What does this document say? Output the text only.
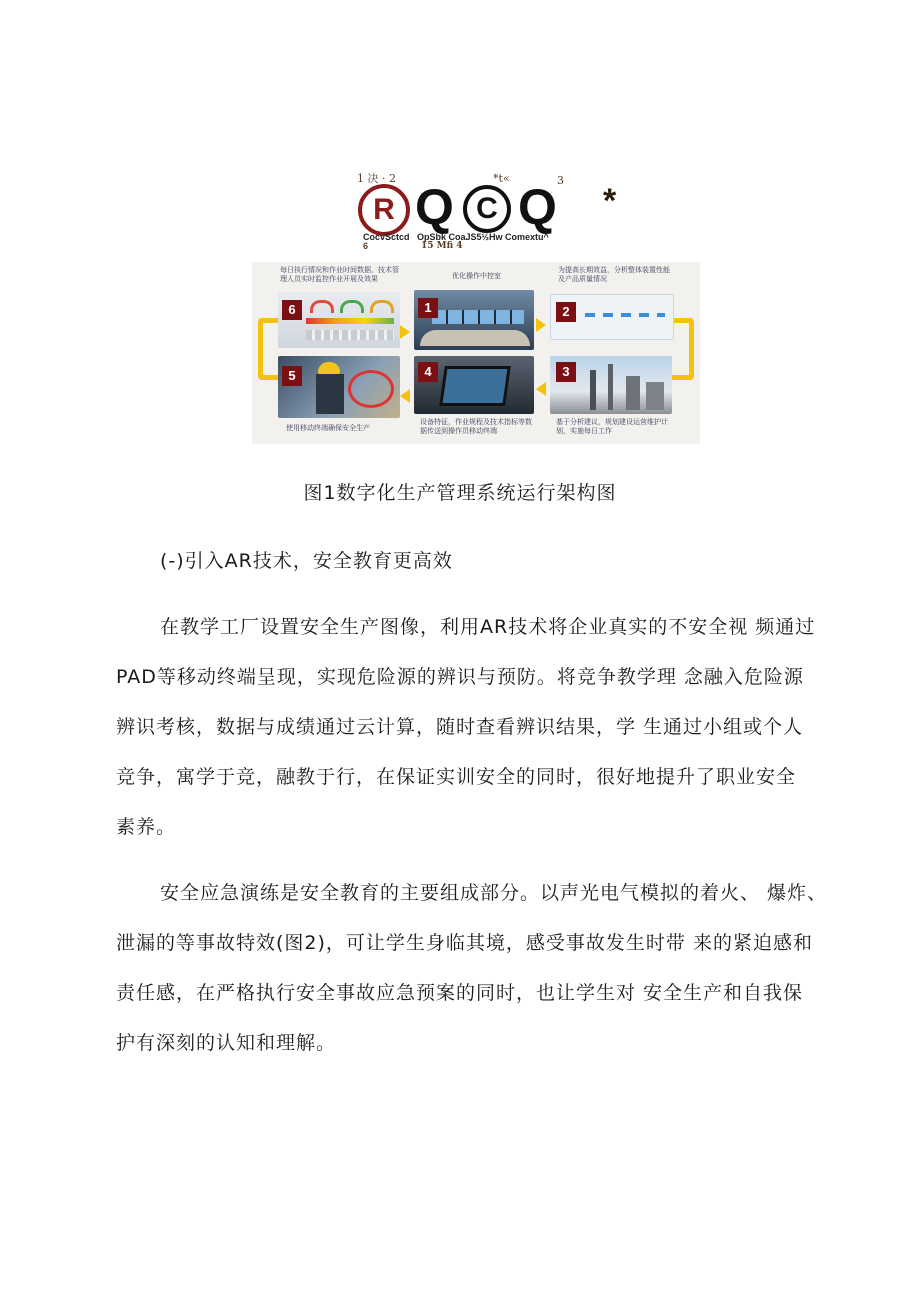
1 决 · 2	*t«	3
R Q C Q *
CocvSctcd OpSbk CoaJS5½Hw Comextu^
6	15 Mfi 4
每日执行情况和作业时间数据，技术管理人员实时监控作业开展及效果
6
优化操作中控室
1
为提高长期效益，分析整体装置性能及产品质量情况
2
5
使用移动终端确保安全生产
4
设备特征，作业规程及技术指标等数据传送到操作员移动终端
3
基于分析建议，规划建设运营维护计划，实施每日工作
图1数字化生产管理系统运行架构图
(-)引入AR技术，安全教育更高效
在教学工厂设置安全生产图像，利用AR技术将企业真实的不安全视 频通过
PAD等移动终端呈现，实现危险源的辨识与预防。将竞争教学理 念融入危险源
辨识考核，数据与成绩通过云计算，随时查看辨识结果，学 生通过小组或个人
竞争，寓学于竞，融教于行，在保证实训安全的同时，很好地提升了职业安全
素养。
安全应急演练是安全教育的主要组成部分。以声光电气模拟的着火、 爆炸、
泄漏的等事故特效(图2)，可让学生身临其境，感受事故发生时带 来的紧迫感和
责任感，在严格执行安全事故应急预案的同时，也让学生对 安全生产和自我保
护有深刻的认知和理解。
